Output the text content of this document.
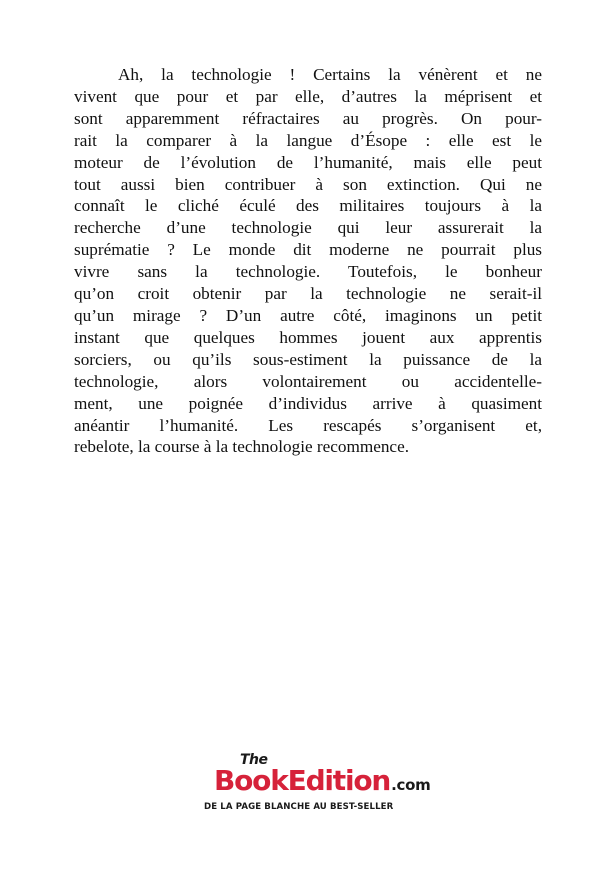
Ah, la technologie ! Certains la vénèrent et ne
vivent que pour et par elle, d’autres la méprisent et
sont apparemment réfractaires au progrès. On pour-
rait la comparer à la langue d’Ésope : elle est le
moteur de l’évolution de l’humanité, mais elle peut
tout aussi bien contribuer à son extinction. Qui ne
connaît le cliché éculé des militaires toujours à la
recherche d’une technologie qui leur assurerait la
suprématie ? Le monde dit moderne ne pourrait plus
vivre sans la technologie. Toutefois, le bonheur
qu’on croit obtenir par la technologie ne serait-il
qu’un mirage ? D’un autre côté, imaginons un petit
instant que quelques hommes jouent aux apprentis
sorciers, ou qu’ils sous-estiment la puissance de la
technologie, alors volontairement ou accidentelle-
ment, une poignée d’individus arrive à quasiment
anéantir l’humanité. Les rescapés s’organisent et,
rebelote, la course à la technologie recommence.
The
BookEdition.com
DE LA PAGE BLANCHE AU BEST-SELLER
